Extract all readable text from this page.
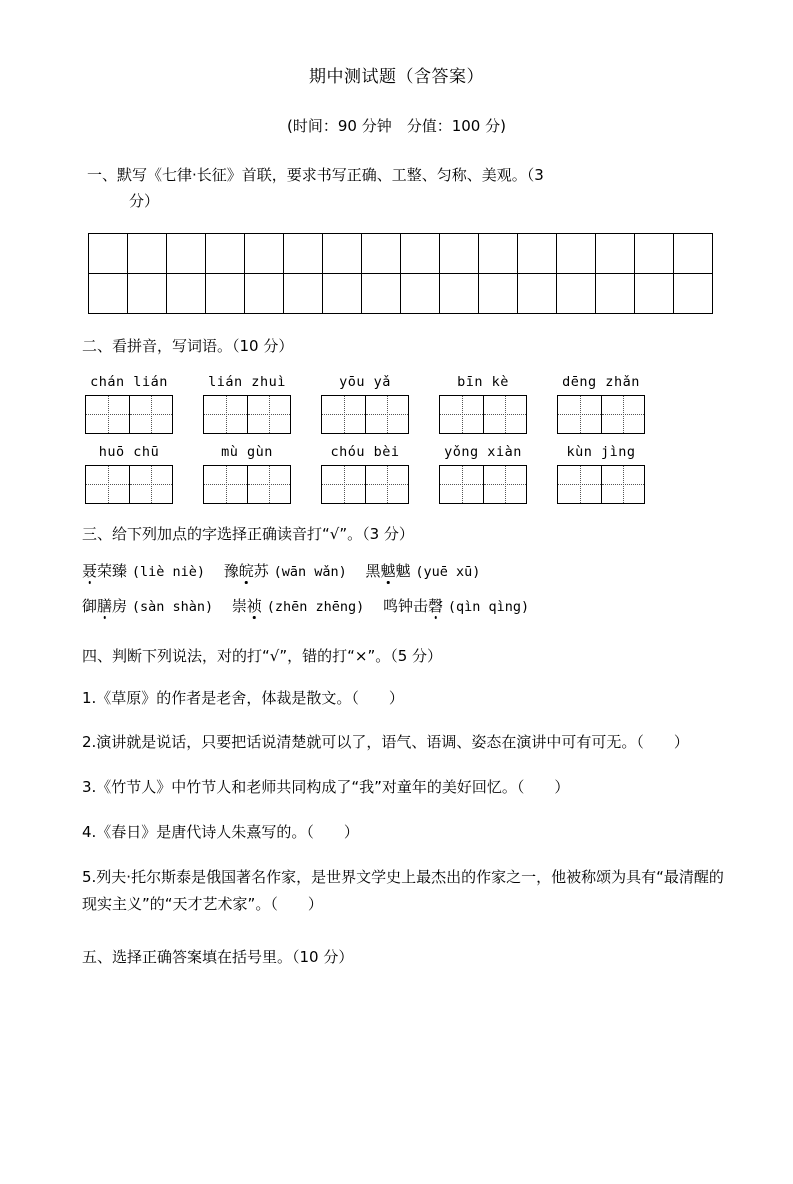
期中测试题（含答案）
(时间：90 分钟　分值：100 分)
一、默写《七律·长征》首联，要求书写正确、工整、匀称、美观。（3
分）

二、看拼音，写词语。（10 分）
chán lián	lián zhuì	yōu yǎ	bīn kè	dēng zhǎn
huō chū	mù gùn	chóu bèi	yǒng xiàn	kùn jìng
三、给下列加点的字选择正确读音打“√”。（3 分）
聂荣臻 (liè niè) 豫皖苏 (wān wǎn) 黑魆魆 (yuē xū)
御膳房 (sàn shàn) 崇祯 (zhēn zhēng) 鸣钟击磬 (qìn qìng)
四、判断下列说法，对的打“√”，错的打“×”。（5 分）
1.《草原》的作者是老舍，体裁是散文。（　　）
2.演讲就是说话，只要把话说清楚就可以了，语气、语调、姿态在演讲中可有可无。（　　）
3.《竹节人》中竹节人和老师共同构成了“我”对童年的美好回忆。（　　）
4.《春日》是唐代诗人朱熹写的。（　　）
5.列夫·托尔斯泰是俄国著名作家，是世界文学史上最杰出的作家之一，他被称颂为具有“最清醒的现实主义”的“天才艺术家”。（　　）
五、选择正确答案填在括号里。（10 分）
